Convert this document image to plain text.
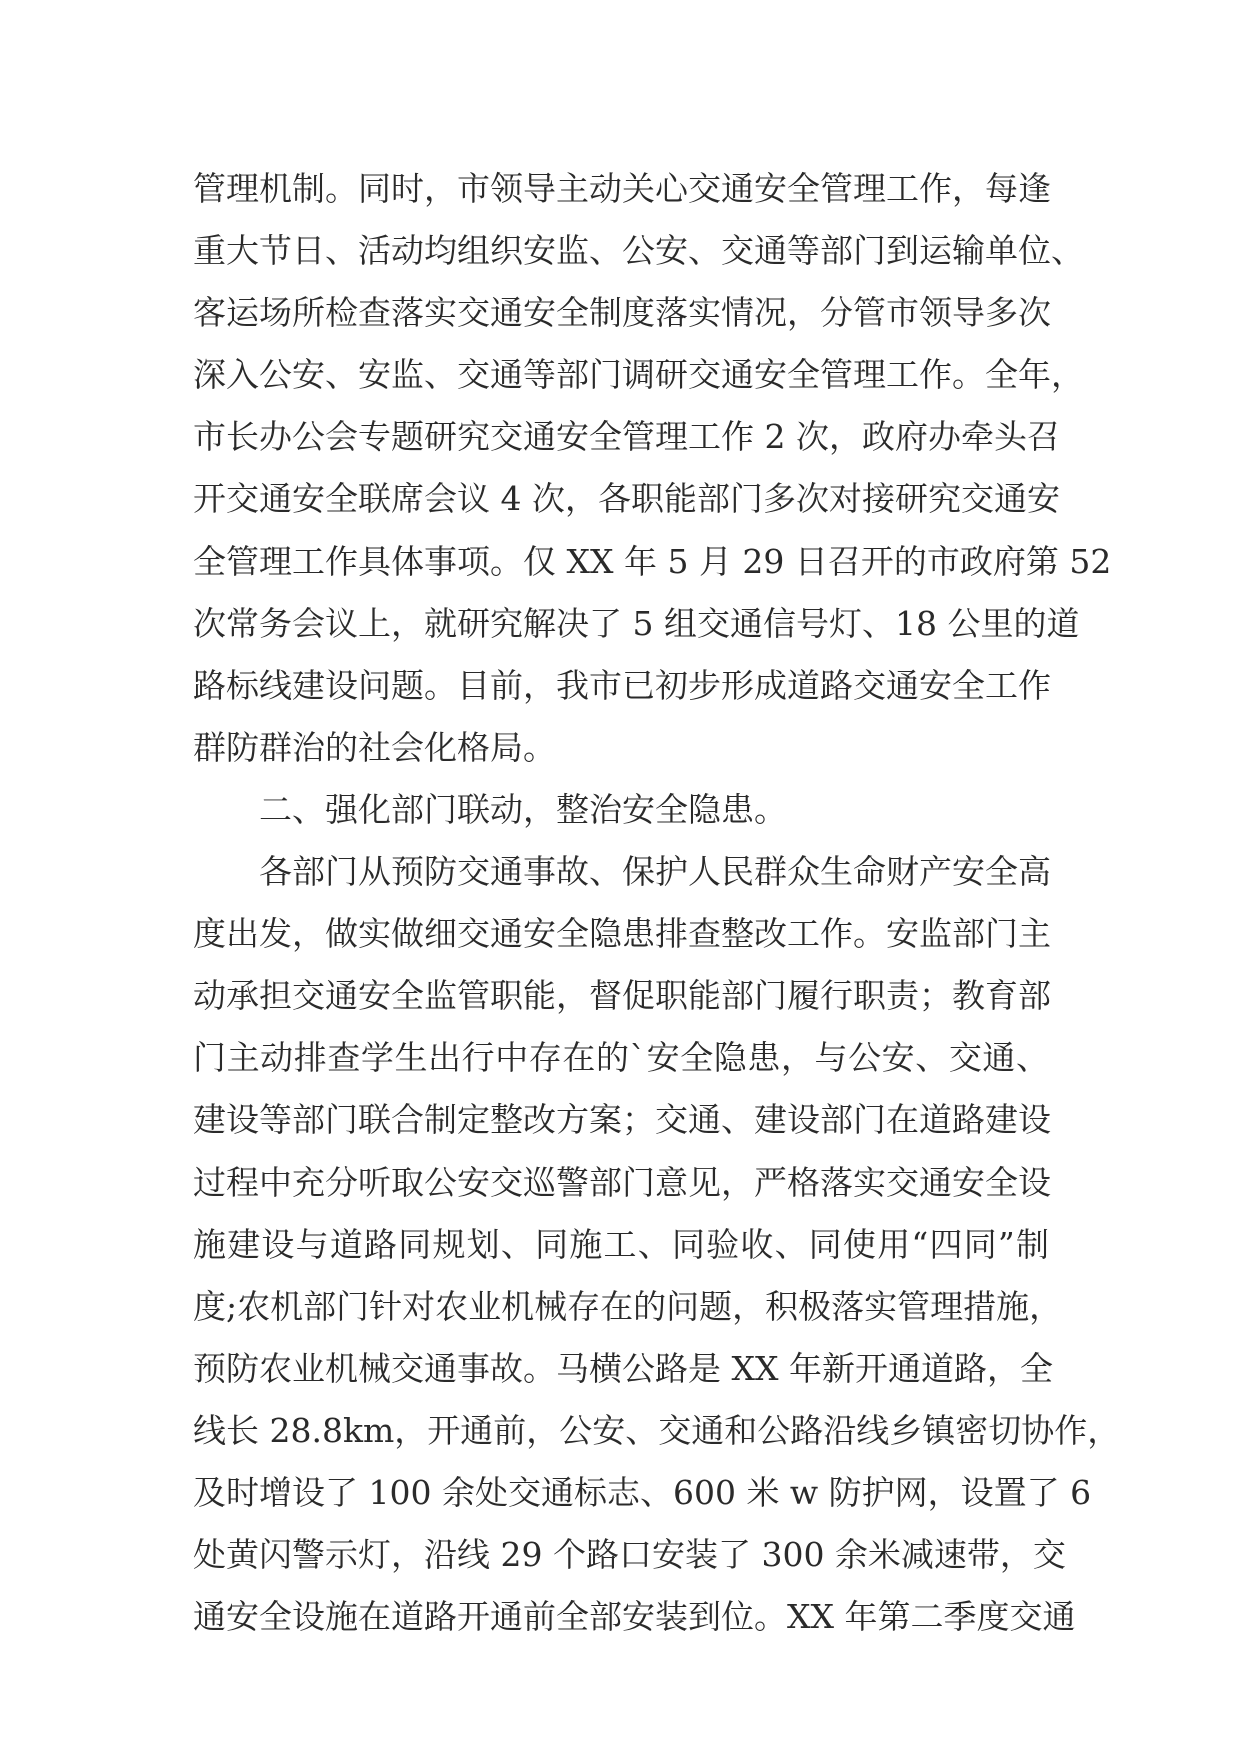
管理机制。同时，市领导主动关心交通安全管理工作，每逢
重大节日、活动均组织安监、公安、交通等部门到运输单位、
客运场所检查落实交通安全制度落实情况，分管市领导多次
深入公安、安监、交通等部门调研交通安全管理工作。全年，
市长办公会专题研究交通安全管理工作 2 次，政府办牵头召
开交通安全联席会议 4 次，各职能部门多次对接研究交通安
全管理工作具体事项。仅 XX 年 5 月 29 日召开的市政府第 52
次常务会议上，就研究解决了 5 组交通信号灯、18 公里的道
路标线建设问题。目前，我市已初步形成道路交通安全工作
群防群治的社会化格局。
二、强化部门联动，整治安全隐患。
各部门从预防交通事故、保护人民群众生命财产安全高
度出发，做实做细交通安全隐患排查整改工作。安监部门主
动承担交通安全监管职能，督促职能部门履行职责；教育部
门主动排查学生出行中存在的`安全隐患，与公安、交通、
建设等部门联合制定整改方案；交通、建设部门在道路建设
过程中充分听取公安交巡警部门意见，严格落实交通安全设
施建设与道路同规划、同施工、同验收、同使用“四同”制
度;农机部门针对农业机械存在的问题，积极落实管理措施，
预防农业机械交通事故。马横公路是 XX 年新开通道路，全
线长 28.8km，开通前，公安、交通和公路沿线乡镇密切协作，
及时增设了 100 余处交通标志、600 米 w 防护网，设置了 6
处黄闪警示灯，沿线 29 个路口安装了 300 余米减速带，交
通安全设施在道路开通前全部安装到位。XX 年第二季度交通
